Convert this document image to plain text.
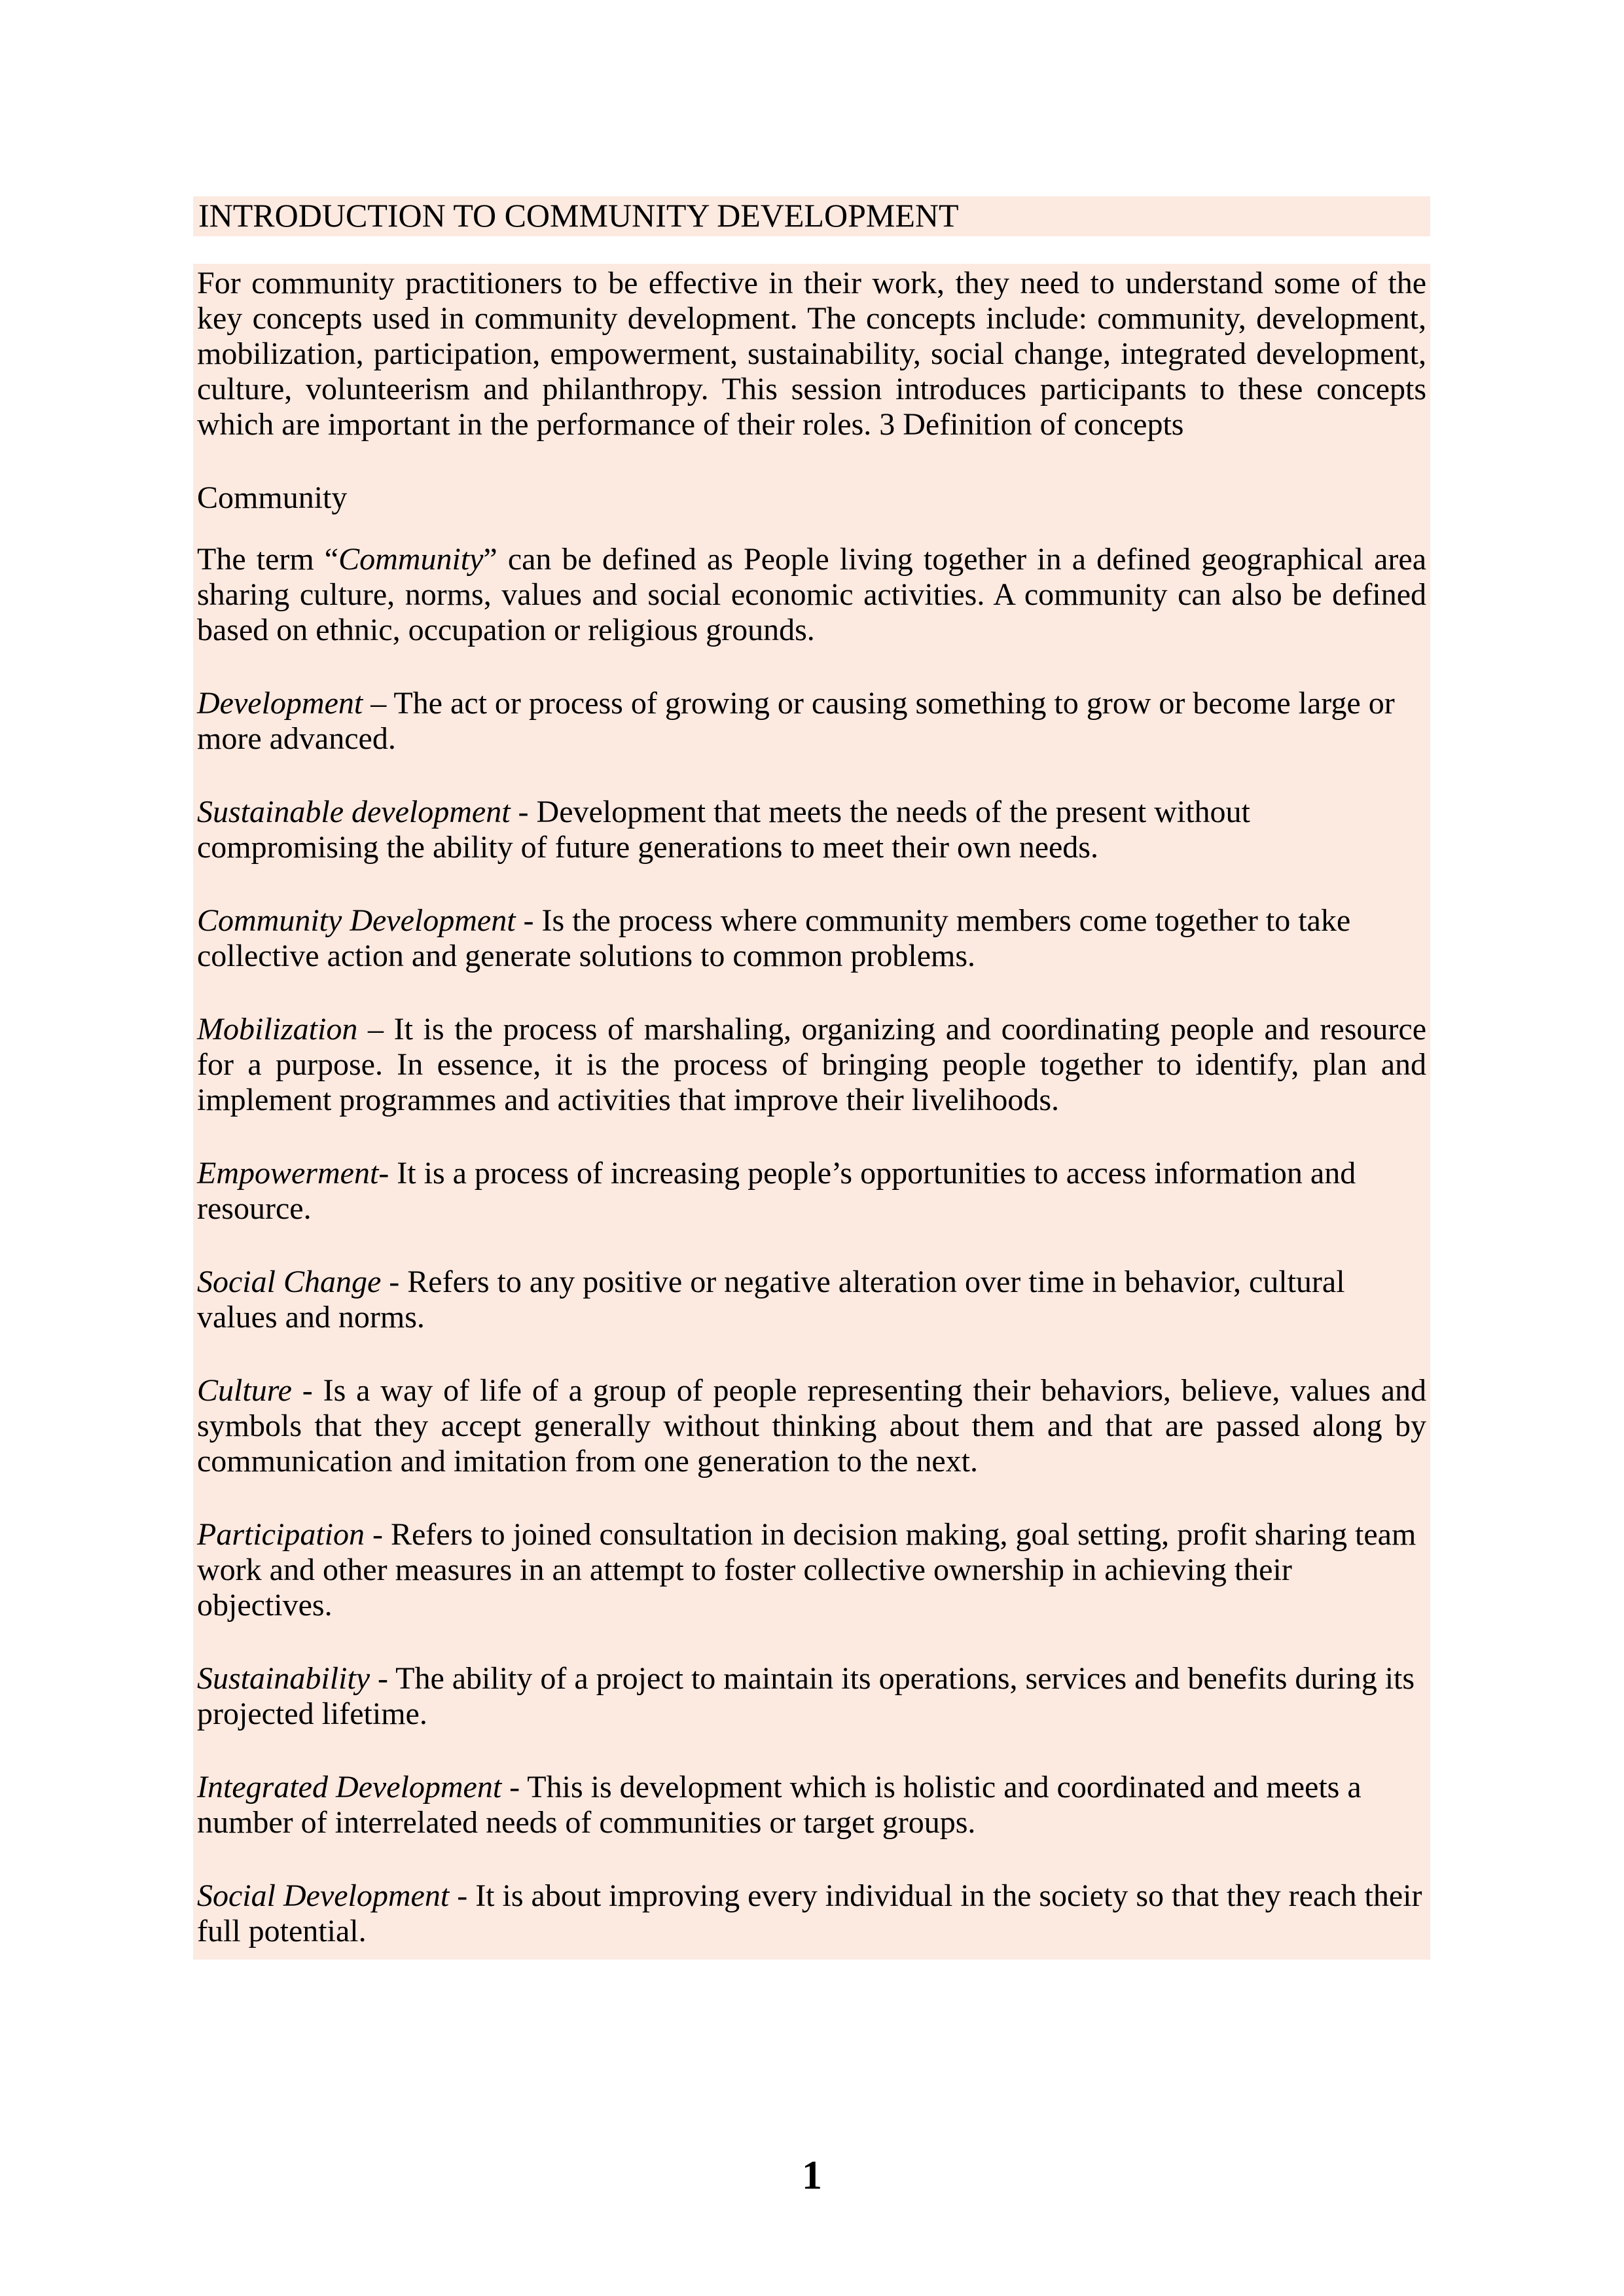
INTRODUCTION TO COMMUNITY DEVELOPMENT

For community practitioners to be effective in their work, they need to understand some of the key concepts used in community development. The concepts include: community, development, mobilization, participation, empowerment, sustainability, social change, integrated development, culture, volunteerism and philanthropy. This session introduces participants to these concepts which are important in the performance of their roles. 3 Definition of concepts

Community

The term “Community” can be defined as People living together in a defined geographical area sharing culture, norms, values and social economic activities. A community can also be defined based on ethnic, occupation or religious grounds.

Development – The act or process of growing or causing something to grow or become large or more advanced.

Sustainable development - Development that meets the needs of the present without compromising the ability of future generations to meet their own needs.

Community Development - Is the process where community members come together to take collective action and generate solutions to common problems.

Mobilization – It is the process of marshaling, organizing and coordinating people and resource for a purpose. In essence, it is the process of bringing people together to identify, plan and implement programmes and activities that improve their livelihoods.

Empowerment- It is a process of increasing people’s opportunities to access information and resource.

Social Change - Refers to any positive or negative alteration over time in behavior, cultural values and norms.

Culture - Is a way of life of a group of people representing their behaviors, believe, values and symbols that they accept generally without thinking about them and that are passed along by communication and imitation from one generation to the next.

Participation - Refers to joined consultation in decision making, goal setting, profit sharing team work and other measures in an attempt to foster collective ownership in achieving their objectives.

Sustainability - The ability of a project to maintain its operations, services and benefits during its projected lifetime.

Integrated Development - This is development which is holistic and coordinated and meets a number of interrelated needs of communities or target groups.

Social Development - It is about improving every individual in the society so that they reach their full potential.

1
